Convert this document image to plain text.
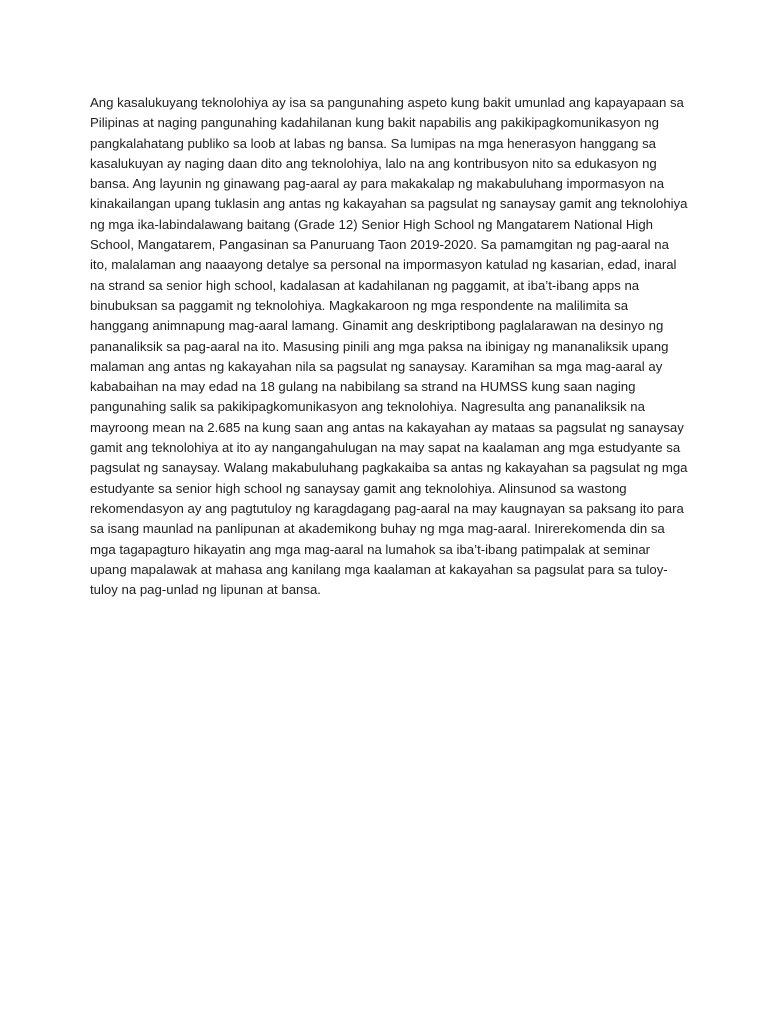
Ang kasalukuyang teknolohiya ay isa sa pangunahing aspeto kung bakit umunlad ang kapayapaan sa Pilipinas at naging pangunahing kadahilanan kung bakit napabilis ang pakikipagkomunikasyon ng pangkalahatang publiko sa loob at labas ng bansa. Sa lumipas na mga henerasyon hanggang sa kasalukuyan ay naging daan dito ang teknolohiya, lalo na ang kontribusyon nito sa edukasyon ng bansa. Ang layunin ng ginawang pag-aaral ay para makakalap ng makabuluhang impormasyon na kinakailangan upang tuklasin ang antas ng kakayahan sa pagsulat ng sanaysay gamit ang teknolohiya ng mga ika-labindalawang baitang (Grade 12) Senior High School ng Mangatarem National High School, Mangatarem, Pangasinan sa Panuruang Taon 2019-2020. Sa pamamgitan ng pag-aaral na ito, malalaman ang naaayong detalye sa personal na impormasyon katulad ng kasarian, edad, inaral na strand sa senior high school, kadalasan at kadahilanan ng paggamit, at iba’t-ibang apps na binubuksan sa paggamit ng teknolohiya. Magkakaroon ng mga respondente na malilimita sa hanggang animnapung mag-aaral lamang. Ginamit ang deskriptibong paglalarawan na desinyo ng pananaliksik sa pag-aaral na ito. Masusing pinili ang mga paksa na ibinigay ng mananaliksik upang malaman ang antas ng kakayahan nila sa pagsulat ng sanaysay. Karamihan sa mga mag-aaral ay kababaihan na may edad na 18 gulang na nabibilang sa strand na HUMSS kung saan naging pangunahing salik sa pakikipagkomunikasyon ang teknolohiya. Nagresulta ang pananaliksik na mayroong mean na 2.685 na kung saan ang antas na kakayahan ay mataas sa pagsulat ng sanaysay gamit ang teknolohiya at ito ay nangangahulugan na may sapat na kaalaman ang mga estudyante sa pagsulat ng sanaysay. Walang makabuluhang pagkakaiba sa antas ng kakayahan sa pagsulat ng mga estudyante sa senior high school ng sanaysay gamit ang teknolohiya. Alinsunod sa wastong rekomendasyon ay ang pagtutuloy ng karagdagang pag-aaral na may kaugnayan sa paksang ito para sa isang maunlad na panlipunan at akademikong buhay ng mga mag-aaral. Inirerekomenda din sa mga tagapagturo hikayatin ang mga mag-aaral na lumahok sa iba’t-ibang patimpalak at seminar upang mapalawak at mahasa ang kanilang mga kaalaman at kakayahan sa pagsulat para sa tuloy-tuloy na pag-unlad ng lipunan at bansa.
